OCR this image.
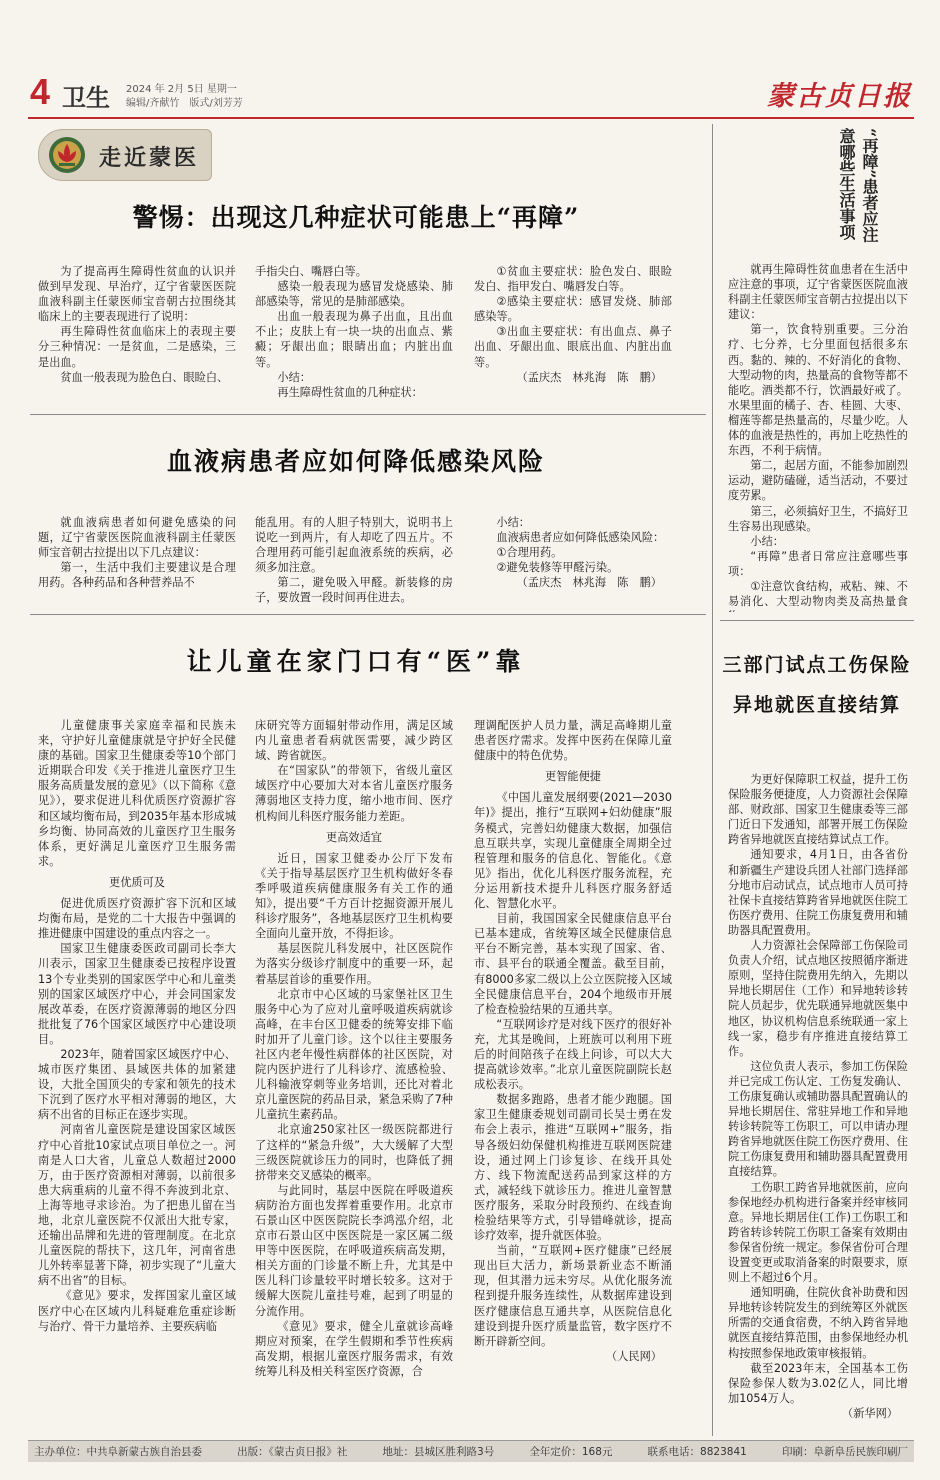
4 卫生 2024 年 2月 5日 星期一
编辑/齐献竹　版式/刘芳芳	蒙古贞日报
走近蒙医
警惕：出现这几种症状可能患上“再障”

为了提高再生障碍性贫血的认识并做到早发现、早治疗，辽宁省蒙医医院血液科副主任蒙医师宝音朝古拉围绕其临床上的主要表现进行了说明：

再生障碍性贫血临床上的表现主要分三种情况：一是贫血，二是感染，三是出血。

贫血一般表现为脸色白、眼睑白、

手指尖白、嘴唇白等。

感染一般表现为感冒发烧感染、肺部感染等，常见的是肺部感染。

出血一般表现为鼻子出血，且出血不止；皮肤上有一块一块的出血点、紫癜；牙龈出血；眼睛出血；内脏出血等。

小结：

再生障碍性贫血的几种症状：

①贫血主要症状：脸色发白、眼睑发白、指甲发白、嘴唇发白等。

②感染主要症状：感冒发烧、肺部感染等。

③出血主要症状：有出血点、鼻子出血、牙龈出血、眼底出血、内脏出血等。

（孟庆杰　林兆海　陈　鹏）

血液病患者应如何降低感染风险

就血液病患者如何避免感染的问题，辽宁省蒙医医院血液科副主任蒙医师宝音朝古拉提出以下几点建议：

第一，生活中我们主要建议是合理用药。各种药品和各种营养品不

能乱用。有的人胆子特别大，说明书上说吃一到两片，有人却吃了四五片。不合理用药可能引起血液系统的疾病，必须多加注意。

第二，避免吸入甲醛。新装修的房子，要放置一段时间再住进去。

小结：

血液病患者应如何降低感染风险：

①合理用药。

②避免装修等甲醛污染。

（孟庆杰　林兆海　陈　鹏）

让儿童在家门口有“医”靠

儿童健康事关家庭幸福和民族未来，守护好儿童健康就是守护好全民健康的基础。国家卫生健康委等10个部门近期联合印发《关于推进儿童医疗卫生服务高质量发展的意见》（以下简称《意见》），要求促进儿科优质医疗资源扩容和区域均衡布局，到2035年基本形成城乡均衡、协同高效的儿童医疗卫生服务体系，更好满足儿童医疗卫生服务需求。

更优质可及

促进优质医疗资源扩容下沉和区域均衡布局，是党的二十大报告中强调的推进健康中国建设的重点内容之一。

国家卫生健康委医政司副司长李大川表示，国家卫生健康委已按程序设置13个专业类别的国家医学中心和儿童类别的国家区域医疗中心，并会同国家发展改革委，在医疗资源薄弱的地区分四批批复了76个国家区域医疗中心建设项目。

2023年，随着国家区域医疗中心、城市医疗集团、县域医共体的加紧建设，大批全国顶尖的专家和领先的技术下沉到了医疗水平相对薄弱的地区，大病不出省的目标正在逐步实现。

河南省儿童医院是建设国家区域医疗中心首批10家试点项目单位之一。河南是人口大省，儿童总人数超过2000万，由于医疗资源相对薄弱，以前很多患大病重病的儿童不得不奔波到北京、上海等地寻求诊治。为了把患儿留在当地，北京儿童医院不仅派出大批专家，还输出品牌和先进的管理制度。在北京儿童医院的帮扶下，这几年，河南省患儿外转率显著下降，初步实现了“儿童大病不出省”的目标。

《意见》要求，发挥国家儿童区域医疗中心在区域内儿科疑难危重症诊断与治疗、骨干力量培养、主要疾病临

床研究等方面辐射带动作用，满足区域内儿童患者看病就医需要，减少跨区域、跨省就医。

在“国家队”的带领下，省级儿童区域医疗中心要加大对本省儿童医疗服务薄弱地区支持力度，缩小地市间、医疗机构间儿科医疗服务能力差距。

更高效适宜

近日，国家卫健委办公厅下发布《关于指导基层医疗卫生机构做好冬春季呼吸道疾病健康服务有关工作的通知》，提出要“千方百计挖掘资源开展儿科诊疗服务”，各地基层医疗卫生机构要全面向儿童开放，不得拒诊。

基层医院儿科发展中，社区医院作为落实分级诊疗制度中的重要一环，起着基层首诊的重要作用。

北京市中心区域的马家堡社区卫生服务中心为了应对儿童呼吸道疾病就诊高峰，在丰台区卫健委的统筹安排下临时加开了儿童门诊。这个以往主要服务社区内老年慢性病群体的社区医院，对院内医护进行了儿科诊疗、流感检验、儿科输液穿刺等业务培训，还比对着北京儿童医院的药品目录，紧急采购了7种儿童抗生素药品。

北京逾250家社区一级医院都进行了这样的“紧急升级”，大大缓解了大型三级医院就诊压力的同时，也降低了拥挤带来交叉感染的概率。

与此同时，基层中医院在呼吸道疾病防治方面也发挥着重要作用。北京市石景山区中医医院院长李鸿泓介绍，北京市石景山区中医医院是一家区属二级甲等中医医院，在呼吸道疾病高发期，相关方面的门诊量不断上升，尤其是中医儿科门诊量较平时增长较多。这对于缓解大医院儿童挂号难，起到了明显的分流作用。

《意见》要求，健全儿童就诊高峰期应对预案，在学生假期和季节性疾病高发期，根据儿童医疗服务需求，有效统筹儿科及相关科室医疗资源，合

理调配医护人员力量，满足高峰期儿童患者医疗需求。发挥中医药在保障儿童健康中的特色优势。

更智能便捷

《中国儿童发展纲要(2021—2030年)》提出，推行“互联网+妇幼健康”服务模式，完善妇幼健康大数据，加强信息互联共享，实现儿童健康全周期全过程管理和服务的信息化、智能化。《意见》指出，优化儿科医疗服务流程，充分运用新技术提升儿科医疗服务舒适化、智慧化水平。

目前，我国国家全民健康信息平台已基本建成，省统筹区域全民健康信息平台不断完善，基本实现了国家、省、市、县平台的联通全覆盖。截至目前，有8000多家二级以上公立医院接入区域全民健康信息平台，204个地级市开展了检查检验结果的互通共享。

“互联网诊疗是对线下医疗的很好补充，尤其是晚间，上班族可以利用下班后的时间陪孩子在线上问诊，可以大大提高就诊效率。”北京儿童医院副院长赵成松表示。

数据多跑路，患者才能少跑腿。国家卫生健康委规划司副司长吴士勇在发布会上表示，推进“互联网+”服务，指导各级妇幼保健机构推进互联网医院建设，通过网上门诊复诊、在线开具处方、线下物流配送药品到家这样的方式，减轻线下就诊压力。推进儿童智慧医疗服务，采取分时段预约、在线查询检验结果等方式，引导错峰就诊，提高诊疗效率，提升就医体验。

当前，“互联网+医疗健康”已经展现出巨大活力，新场景新业态不断涌现，但其潜力远未穷尽。从优化服务流程到提升服务连续性，从数据库建设到医疗健康信息互通共享，从医院信息化建设到提升医疗质量监管，数字医疗不断开辟新空间。

（人民网）

“再障”患者应注意哪些生活事项

就再生障碍性贫血患者在生活中应注意的事项，辽宁省蒙医医院血液科副主任蒙医师宝音朝古拉提出以下建议：

第一，饮食特别重要。三分治疗、七分养，七分里面包括很多东西。黏的、辣的、不好消化的食物、大型动物的肉，热量高的食物等都不能吃。酒类都不行，饮酒最好戒了。水果里面的橘子、杏、桂圆、大枣、榴莲等都是热量高的，尽量少吃。人体的血液是热性的，再加上吃热性的东西，不利于病情。

第二，起居方面，不能参加剧烈运动，避防磕碰，适当活动，不要过度劳累。

第三，必须搞好卫生，不搞好卫生容易出现感染。

小结：

“再障”患者日常应注意哪些事项：

①注意饮食结构，戒粘、辣、不易消化、大型动物肉类及高热量食

三部门试点工伤保险
异地就医直接结算

为更好保障职工权益，提升工伤保险服务便捷度，人力资源社会保障部、财政部、国家卫生健康委等三部门近日下发通知，部署开展工伤保险跨省异地就医直接结算试点工作。

通知要求，4月1日，由各省份和新疆生产建设兵团人社部门选择部分地市启动试点，试点地市人员可持社保卡直接结算跨省异地就医住院工伤医疗费用、住院工伤康复费用和辅助器具配置费用。

人力资源社会保障部工伤保险司负责人介绍，试点地区按照循序渐进原则，坚持住院费用先纳入，先期以异地长期居住（工作）和异地转诊转院人员起步，优先联通异地就医集中地区，协议机构信息系统联通一家上线一家，稳步有序推进直接结算工作。

这位负责人表示，参加工伤保险并已完成工伤认定、工伤复发确认、工伤康复确认或辅助器具配置确认的异地长期居住、常驻异地工作和异地转诊转院等工伤职工，可以申请办理跨省异地就医住院工伤医疗费用、住院工伤康复费用和辅助器具配置费用直接结算。

工伤职工跨省异地就医前，应向参保地经办机构进行备案并经审核同意。异地长期居住(工作)工伤职工和跨省转诊转院工伤职工备案有效期由参保省份统一规定。参保省份可合理设置变更或取消备案的时限要求，原则上不超过6个月。

通知明确，住院伙食补助费和因异地转诊转院发生的到统筹区外就医所需的交通食宿费，不纳入跨省异地就医直接结算范围，由参保地经办机构按照参保地政策审核报销。

截至2023年末，全国基本工伤保险参保人数为3.02亿人，同比增加1054万人。

（新华网）

主办单位：中共阜新蒙古族自治县委	出版：《蒙古贞日报》社	地址：县城区胜利路3号	全年定价：168元	联系电话：8823841	印刷：阜新阜岳民族印刷厂
